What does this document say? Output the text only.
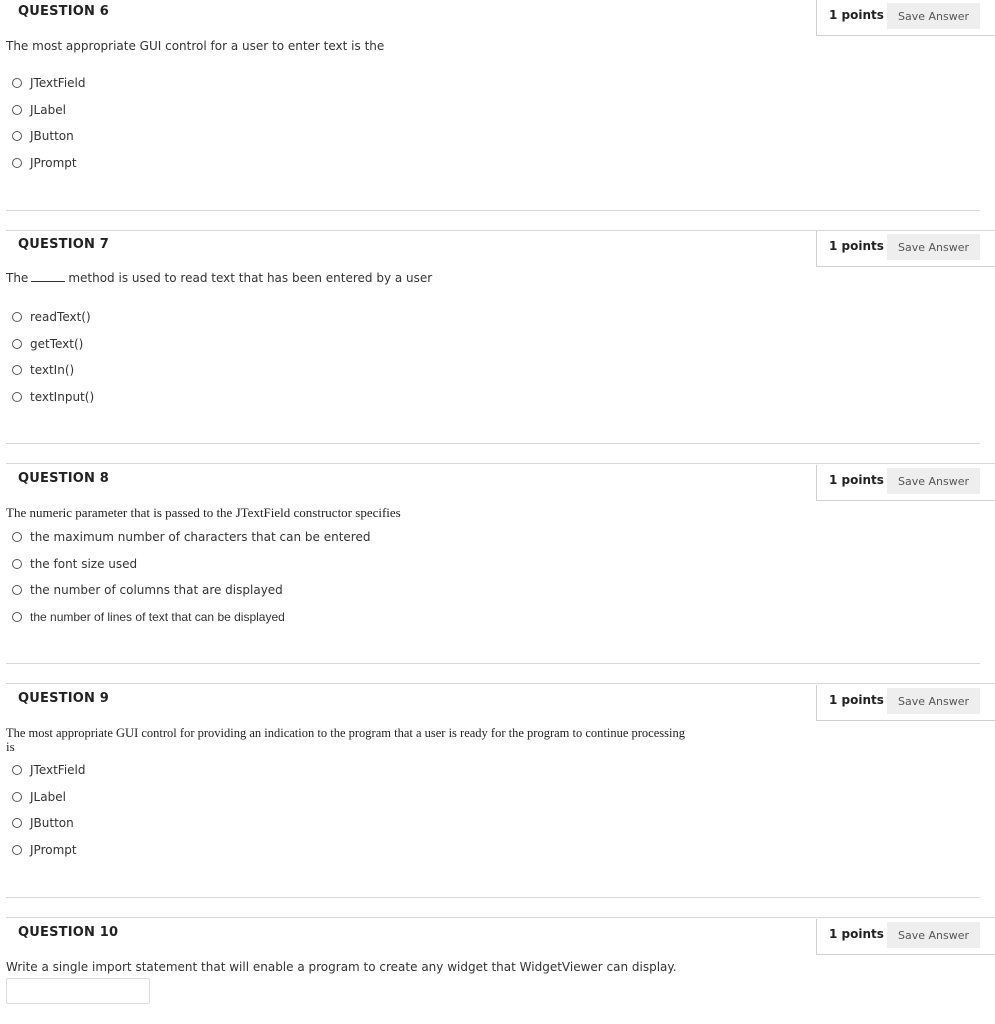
QUESTION 6	1 points	Save Answer
The most appropriate GUI control for a user to enter text is the
JTextField
JLabel
JButton
JPrompt
QUESTION 7	1 points	Save Answer
The	method is used to read text that has been entered by a user
readText()
getText()
textIn()
textInput()
QUESTION 8	1 points	Save Answer
The numeric parameter that is passed to the JTextField constructor specifies
the maximum number of characters that can be entered
the font size used
the number of columns that are displayed
the number of lines of text that can be displayed
QUESTION 9	1 points	Save Answer
The most appropriate GUI control for providing an indication to the program that a user is ready for the program to continue processing
is
JTextField
JLabel
JButton
JPrompt
QUESTION 10	1 points	Save Answer
Write a single import statement that will enable a program to create any widget that WidgetViewer can display.
